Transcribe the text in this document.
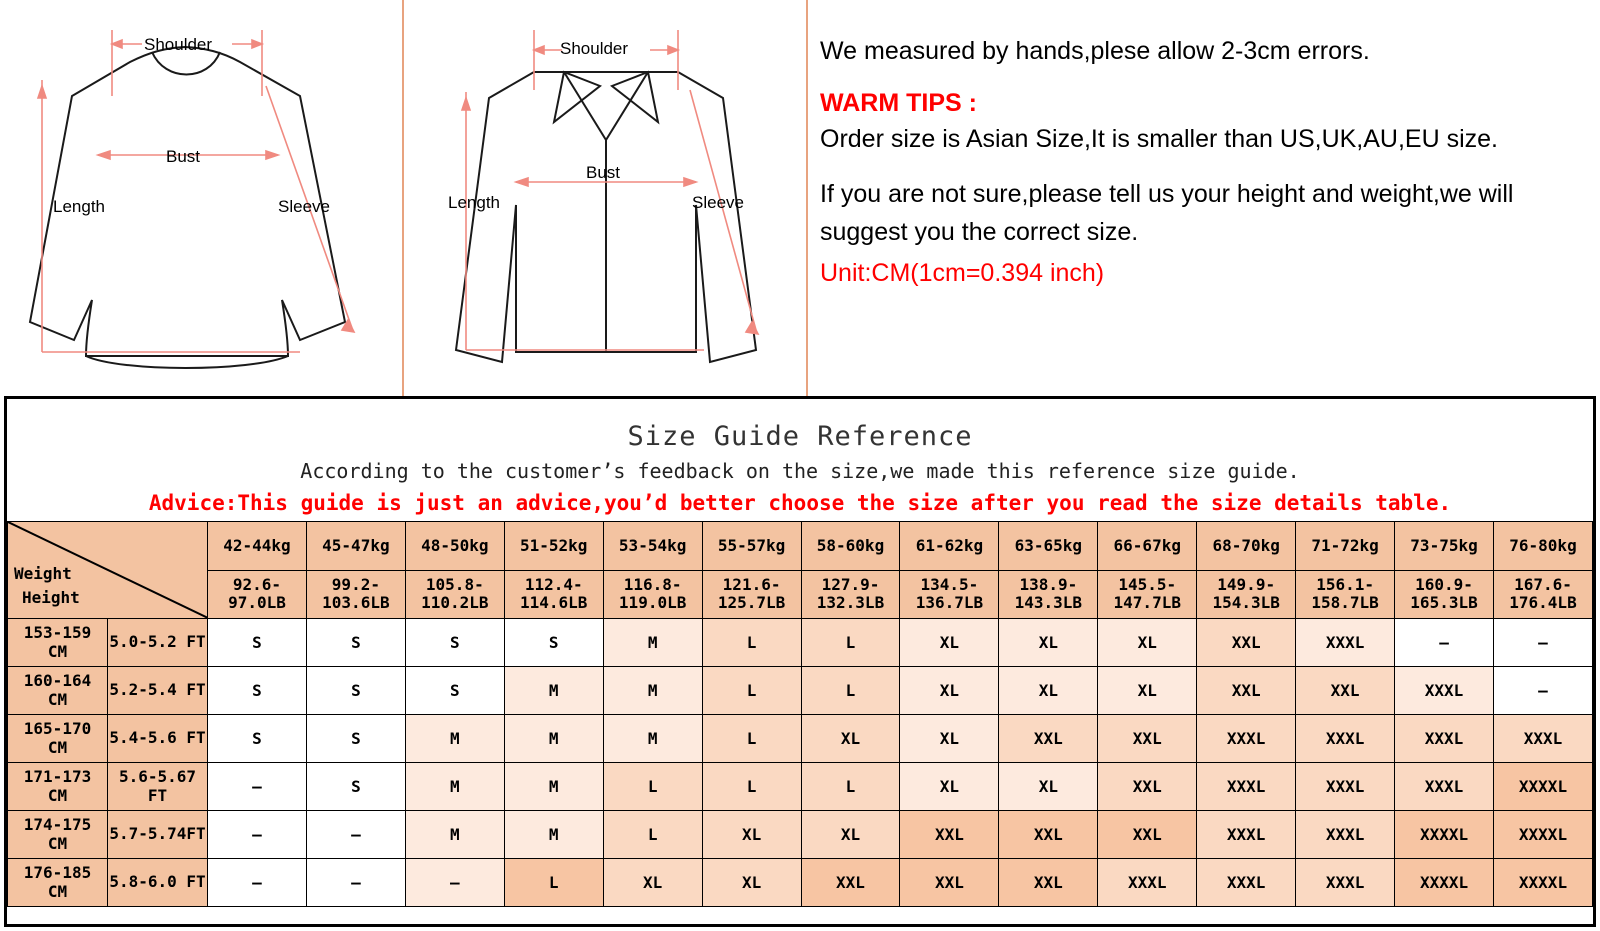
Shoulder
Bust
Length	Sleeve
Shoulder
Bust
Length	Sleeve

We measured by hands,plese allow 2-3cm errors.

WARM TIPS :

Order size is Asian Size,It is smaller than US,UK,AU,EU size.

If you are not sure,please tell us your height and weight,we will suggest you the correct size.

Unit:CM(1cm=0.394 inch)

Size Guide Reference
According to the customer’s feedback on the size,we made this reference size guide.
Advice:This guide is just an advice,you’d better choose the size after you read the size details table.
Weight
Height		42-44kg	45-47kg	48-50kg	51-52kg	53-54kg	55-57kg	58-60kg	61-62kg	63-65kg	66-67kg	68-70kg	71-72kg	73-75kg	76-80kg
		92.6-
97.0LB	99.2-
103.6LB	105.8-
110.2LB	112.4-
114.6LB	116.8-
119.0LB	121.6-
125.7LB	127.9-
132.3LB	134.5-
136.7LB	138.9-
143.3LB	145.5-
147.7LB	149.9-
154.3LB	156.1-
158.7LB	160.9-
165.3LB	167.6-
176.4LB
153-159
CM	5.0-5.2 FT	S	S	S	S	M	L	L	XL	XL	XL	XXL	XXXL	–	–
160-164
CM	5.2-5.4 FT	S	S	S	M	M	L	L	XL	XL	XL	XXL	XXL	XXXL	–
165-170
CM	5.4-5.6 FT	S	S	M	M	M	L	XL	XL	XXL	XXL	XXXL	XXXL	XXXL	XXXL
171-173
CM	5.6-5.67 FT	–	S	M	M	L	L	L	XL	XL	XXL	XXXL	XXXL	XXXL	XXXXL
174-175
CM	5.7-5.74FT	–	–	M	M	L	XL	XL	XXL	XXL	XXL	XXXL	XXXL	XXXXL	XXXXL
176-185
CM	5.8-6.0 FT	–	–	–	L	XL	XL	XXL	XXL	XXL	XXXL	XXXL	XXXL	XXXXL	XXXXL
